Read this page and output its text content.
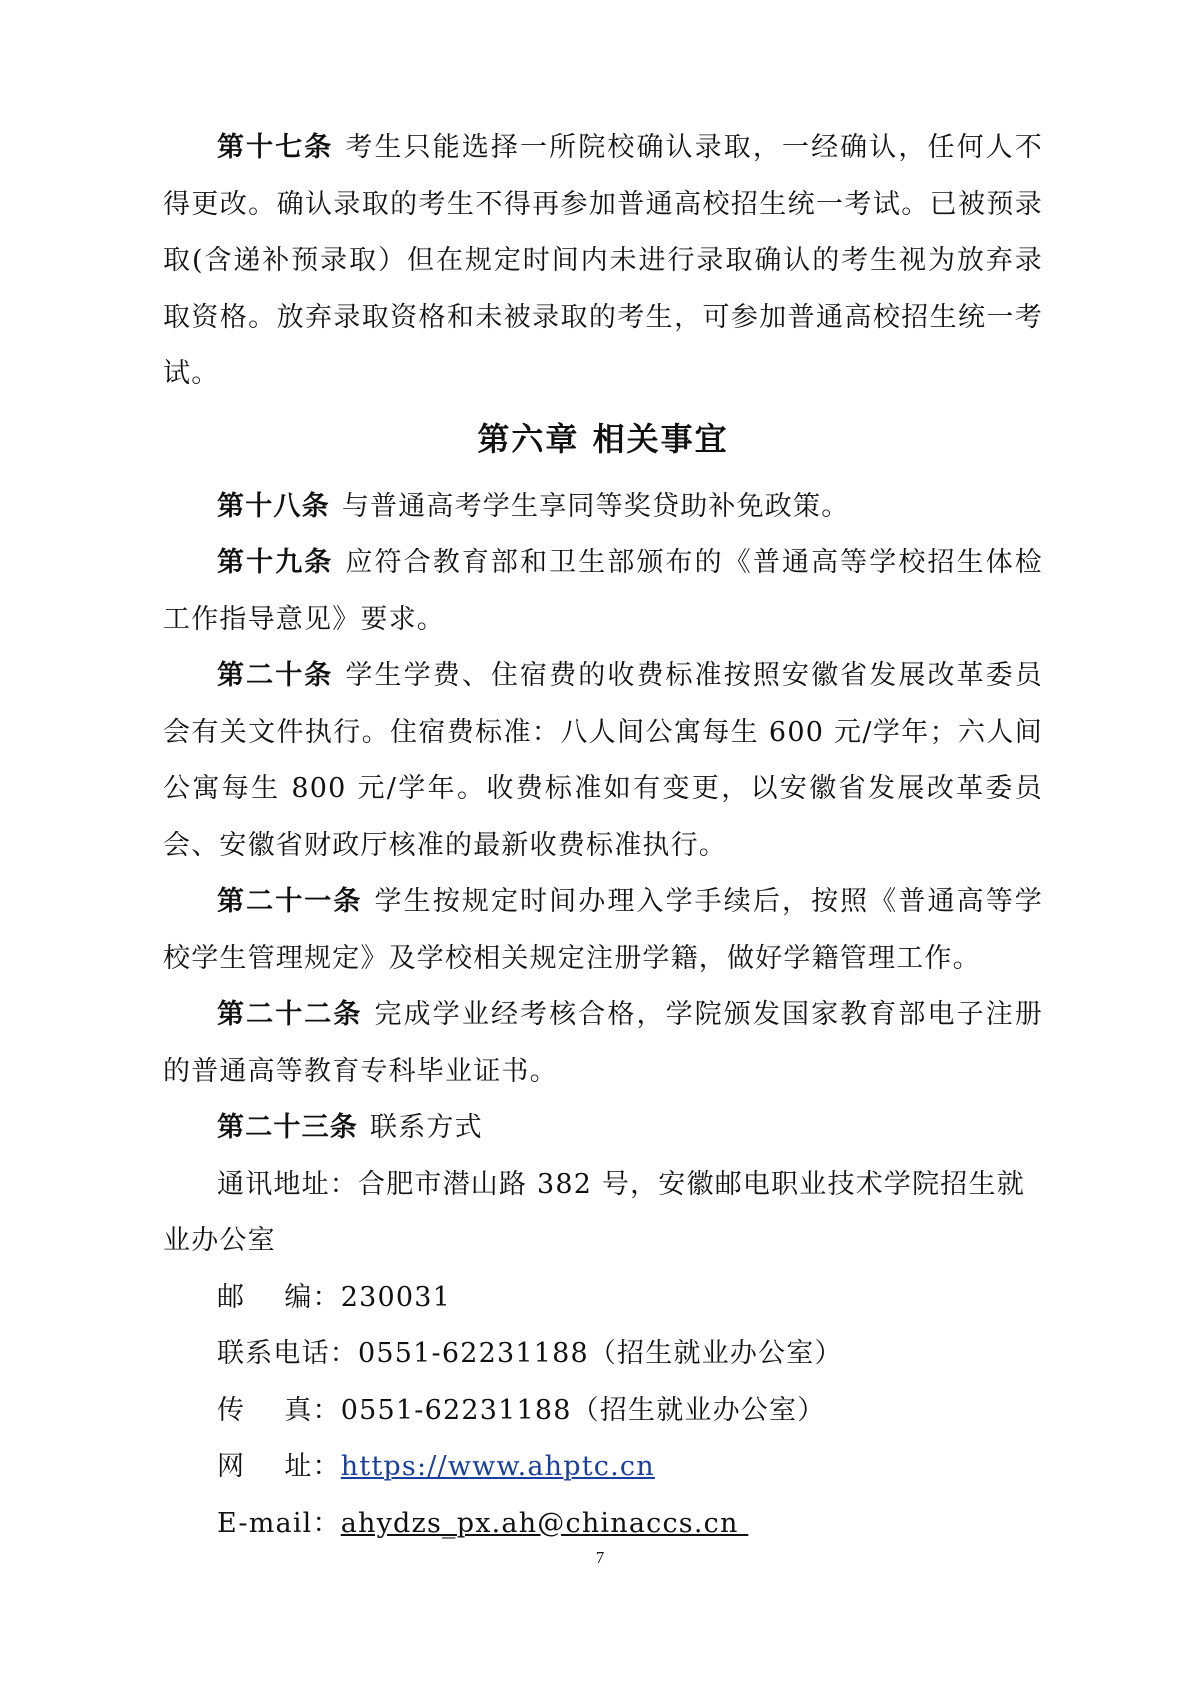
第十七条 考生只能选择一所院校确认录取，一经确认，任何人不得更改。确认录取的考生不得再参加普通高校招生统一考试。已被预录取(含递补预录取）但在规定时间内未进行录取确认的考生视为放弃录取资格。放弃录取资格和未被录取的考生，可参加普通高校招生统一考试。

第六章 相关事宜

第十八条 与普通高考学生享同等奖贷助补免政策。

第十九条 应符合教育部和卫生部颁布的《普通高等学校招生体检工作指导意见》要求。

第二十条 学生学费、住宿费的收费标准按照安徽省发展改革委员会有关文件执行。住宿费标准：八人间公寓每生 600 元/学年；六人间公寓每生 800 元/学年。收费标准如有变更，以安徽省发展改革委员会、安徽省财政厅核准的最新收费标准执行。

第二十一条 学生按规定时间办理入学手续后，按照《普通高等学校学生管理规定》及学校相关规定注册学籍，做好学籍管理工作。

第二十二条 完成学业经考核合格，学院颁发国家教育部电子注册的普通高等教育专科毕业证书。

第二十三条 联系方式

通讯地址：合肥市潜山路 382 号，安徽邮电职业技术学院招生就业办公室

邮    编：230031

联系电话：0551-62231188（招生就业办公室）

传    真：0551-62231188（招生就业办公室）

网    址：https://www.ahptc.cn

E-mail：ahydzs_px.ah@chinaccs.cn

7
